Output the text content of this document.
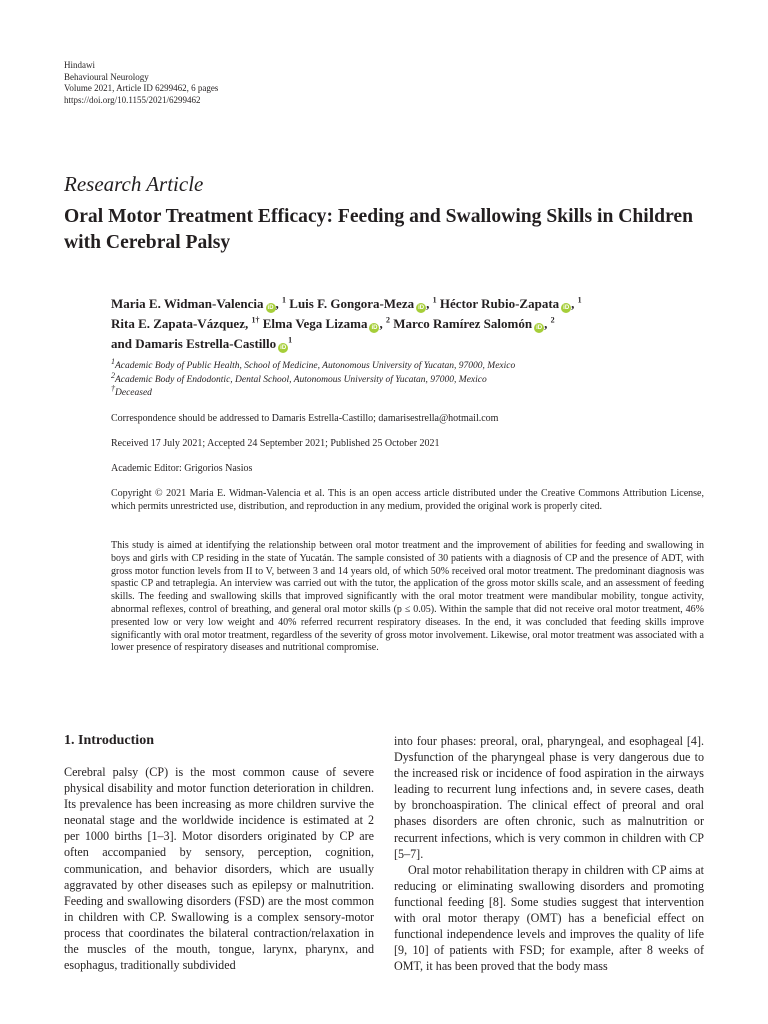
Hindawi
Behavioural Neurology
Volume 2021, Article ID 6299462, 6 pages
https://doi.org/10.1155/2021/6299462
Research Article
Oral Motor Treatment Efficacy: Feeding and Swallowing Skills in Children with Cerebral Palsy
Maria E. Widman-Valencia iD , $^1$ Luis F. Gongora-Meza iD , $^1$ Héctor Rubio-Zapata iD , $^1$
Rita E. Zapata-Vázquez, $^{1\dagger}$ Elma Vega Lizama iD , $^2$ Marco Ramírez Salomón iD , $^2$
and Damaris Estrella-Castillo $iD^1$
$^1$Academic Body of Public Health, School of Medicine, Autonomous University of Yucatan, 97000, Mexico
$^2$Academic Body of Endodontic, Dental School, Autonomous University of Yucatan, 97000, Mexico
†Deceased
Correspondence should be addressed to Damaris Estrella-Castillo; damarisestrella@hotmail.com
Received 17 July 2021; Accepted 24 September 2021; Published 25 October 2021
Academic Editor: Grigorios Nasios
Copyright © 2021 Maria E. Widman-Valencia et al. This is an open access article distributed under the Creative Commons Attribution License, which permits unrestricted use, distribution, and reproduction in any medium, provided the original work is properly cited.
This study is aimed at identifying the relationship between oral motor treatment and the improvement of abilities for feeding and swallowing in boys and girls with CP residing in the state of Yucatán. The sample consisted of 30 patients with a diagnosis of CP and the presence of ADT, with gross motor function levels from II to V, between 3 and 14 years old, of which 50% received oral motor treatment. The predominant diagnosis was spastic CP and tetraplegia. An interview was carried out with the tutor, the application of the gross motor skills scale, and an assessment of feeding skills. The feeding and swallowing skills that improved significantly with the oral motor treatment were mandibular mobility, tongue activity, abnormal reflexes, control of breathing, and general oral motor skills (p ≤ 0.05). Within the sample that did not receive oral motor treatment, 46% presented low or very low weight and 40% referred recurrent respiratory diseases. In the end, it was concluded that feeding skills improve significantly with oral motor treatment, regardless of the severity of gross motor involvement. Likewise, oral motor treatment was associated with a lower presence of respiratory diseases and nutritional compromise.
1. Introduction

Cerebral palsy (CP) is the most common cause of severe physical disability and motor function deterioration in children. Its prevalence has been increasing as more children survive the neonatal stage and the worldwide incidence is estimated at 2 per 1000 births [1–3]. Motor disorders originated by CP are often accompanied by sensory, perception, cognition, communication, and behavior disorders, which are usually aggravated by other diseases such as epilepsy or malnutrition. Feeding and swallowing disorders (FSD) are the most common in children with CP. Swallowing is a complex sensory-motor process that coordinates the bilateral contraction/relaxation in the muscles of the mouth, tongue, larynx, pharynx, and esophagus, traditionally subdivided

into four phases: preoral, oral, pharyngeal, and esophageal [4]. Dysfunction of the pharyngeal phase is very dangerous due to the increased risk or incidence of food aspiration in the airways leading to recurrent lung infections and, in severe cases, death by bronchoaspiration. The clinical effect of preoral and oral phases disorders are often chronic, such as malnutrition or recurrent infections, which is very common in children with CP [5–7].

Oral motor rehabilitation therapy in children with CP aims at reducing or eliminating swallowing disorders and promoting functional feeding [8]. Some studies suggest that intervention with oral motor therapy (OMT) has a beneficial effect on functional independence levels and improves the quality of life [9, 10] of patients with FSD; for example, after 8 weeks of OMT, it has been proved that the body mass
